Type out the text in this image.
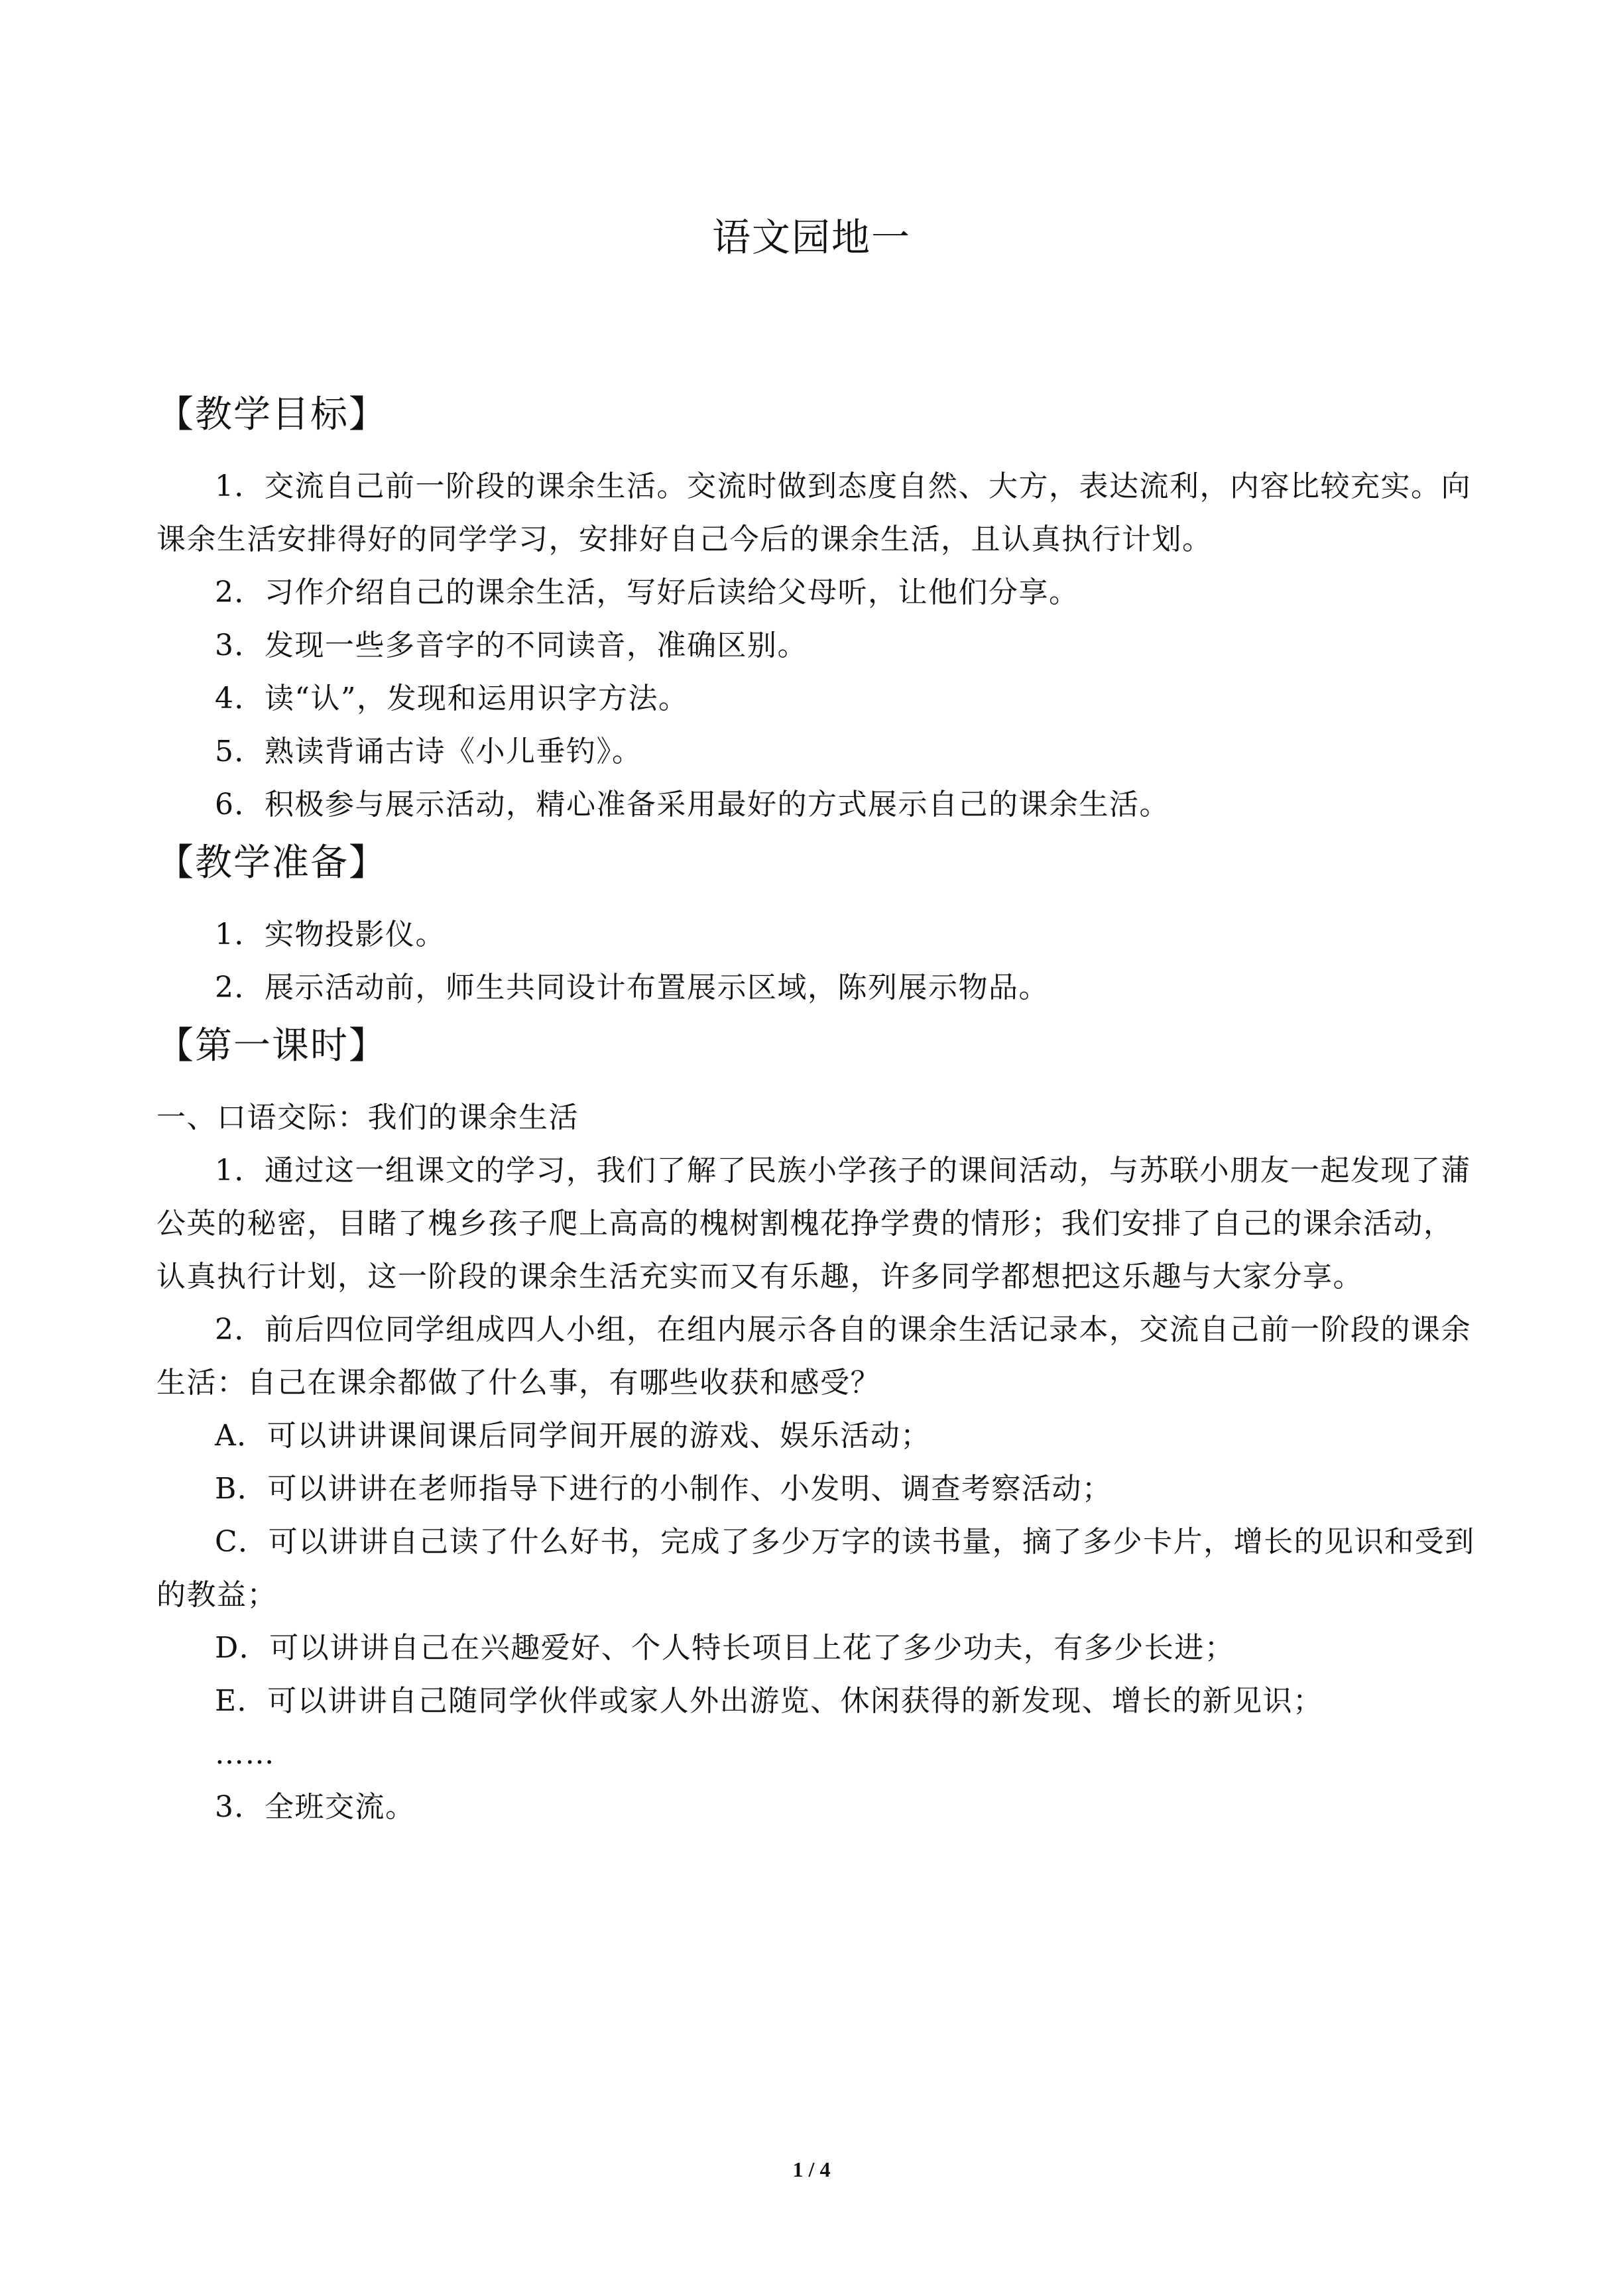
语文园地一
【教学目标】

1．交流自己前一阶段的课余生活。交流时做到态度自然、大方，表达流利，内容比较充实。向课余生活安排得好的同学学习，安排好自己今后的课余生活，且认真执行计划。

2．习作介绍自己的课余生活，写好后读给父母听，让他们分享。

3．发现一些多音字的不同读音，准确区别。

4．读“认”，发现和运用识字方法。

5．熟读背诵古诗《小儿垂钓》。

6．积极参与展示活动，精心准备采用最好的方式展示自己的课余生活。

【教学准备】

1．实物投影仪。

2．展示活动前，师生共同设计布置展示区域，陈列展示物品。

【第一课时】

一、口语交际：我们的课余生活

1．通过这一组课文的学习，我们了解了民族小学孩子的课间活动，与苏联小朋友一起发现了蒲公英的秘密，目睹了槐乡孩子爬上高高的槐树割槐花挣学费的情形；我们安排了自己的课余活动，认真执行计划，这一阶段的课余生活充实而又有乐趣，许多同学都想把这乐趣与大家分享。

2．前后四位同学组成四人小组，在组内展示各自的课余生活记录本，交流自己前一阶段的课余生活：自己在课余都做了什么事，有哪些收获和感受？

A．可以讲讲课间课后同学间开展的游戏、娱乐活动；

B．可以讲讲在老师指导下进行的小制作、小发明、调查考察活动；

C．可以讲讲自己读了什么好书，完成了多少万字的读书量，摘了多少卡片，增长的见识和受到的教益；

D．可以讲讲自己在兴趣爱好、个人特长项目上花了多少功夫，有多少长进；

E．可以讲讲自己随同学伙伴或家人外出游览、休闲获得的新发现、增长的新见识；

……

3．全班交流。

1 / 4
